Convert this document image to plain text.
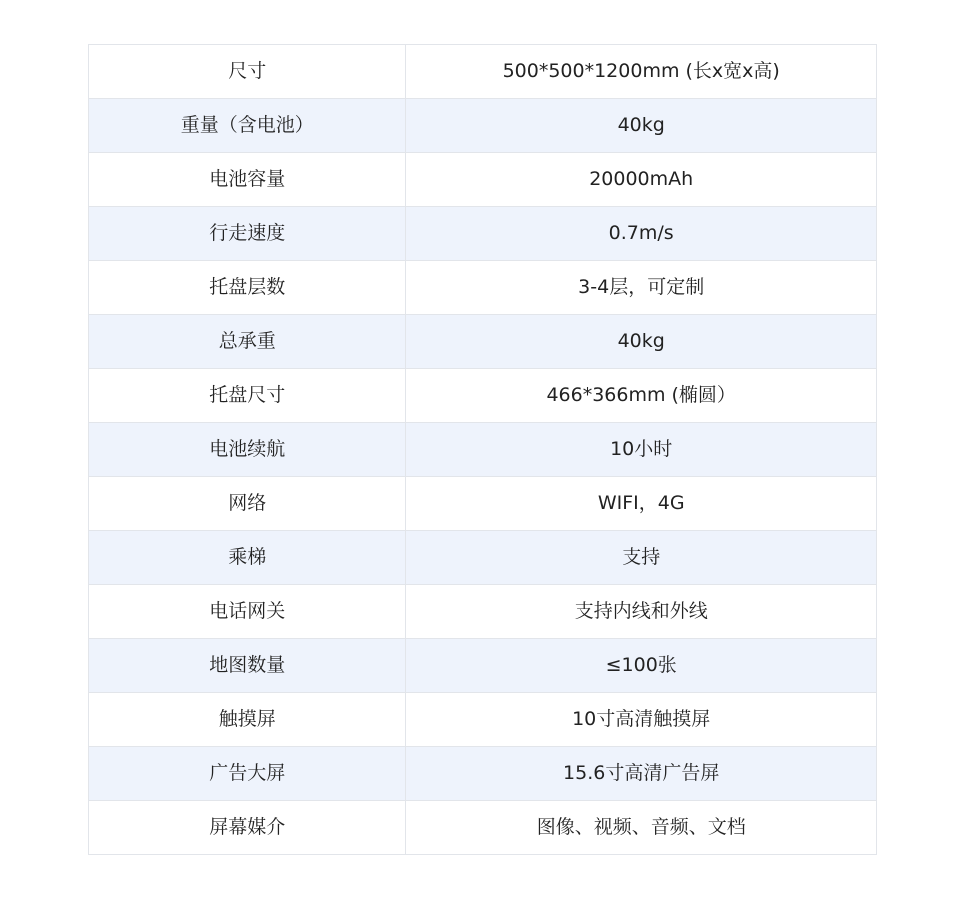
尺寸	500*500*1200mm (长x宽x高)
重量（含电池）	40kg
电池容量	20000mAh
行走速度	0.7m/s
托盘层数	3-4层，可定制
总承重	40kg
托盘尺寸	466*366mm (椭圆）
电池续航	10小时
网络	WIFI，4G
乘梯	支持
电话网关	支持内线和外线
地图数量	≤100张
触摸屏	10寸高清触摸屏
广告大屏	15.6寸高清广告屏
屏幕媒介	图像、视频、音频、文档
